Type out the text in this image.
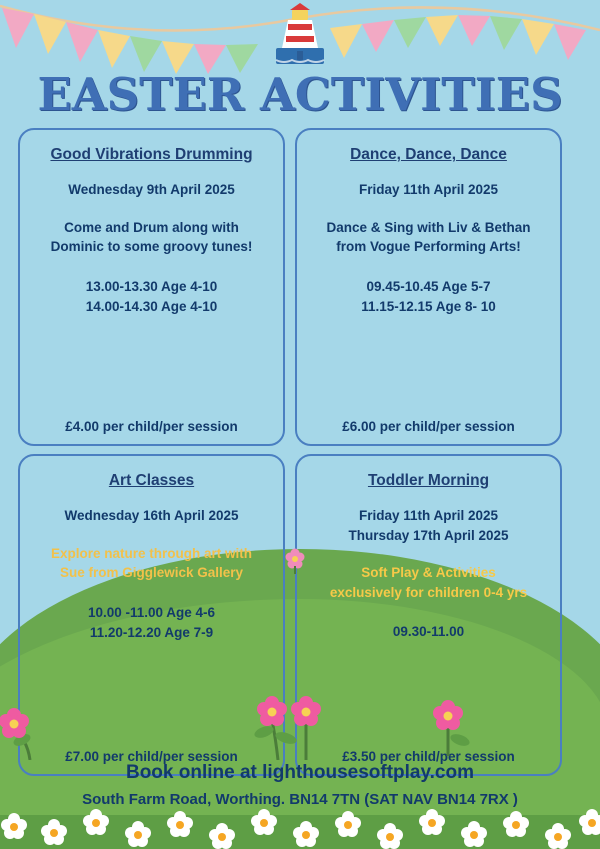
EASTER ACTIVITIES
Good Vibrations Drumming
Wednesday 9th April 2025
Come and Drum along with
Dominic to some groovy tunes!
13.00-13.30 Age 4-10
14.00-14.30 Age 4-10
£4.00 per child/per session
Dance, Dance, Dance
Friday 11th April 2025
Dance & Sing with Liv & Bethan
from Vogue Performing Arts!
09.45-10.45 Age 5-7
11.15-12.15 Age 8- 10
£6.00 per child/per session
Art Classes
Wednesday 16th April 2025
Explore nature through art with
Sue from Gigglewick Gallery
10.00 -11.00 Age 4-6
11.20-12.20 Age 7-9
£7.00 per child/per session
Toddler Morning
Friday 11th April 2025
Thursday 17th April 2025
Soft Play & Activities
exclusively for children 0-4 yrs
09.30-11.00
£3.50 per child/per session
Book online at lighthousesoftplay.com
South Farm Road, Worthing. BN14 7TN (SAT NAV BN14 7RX )
